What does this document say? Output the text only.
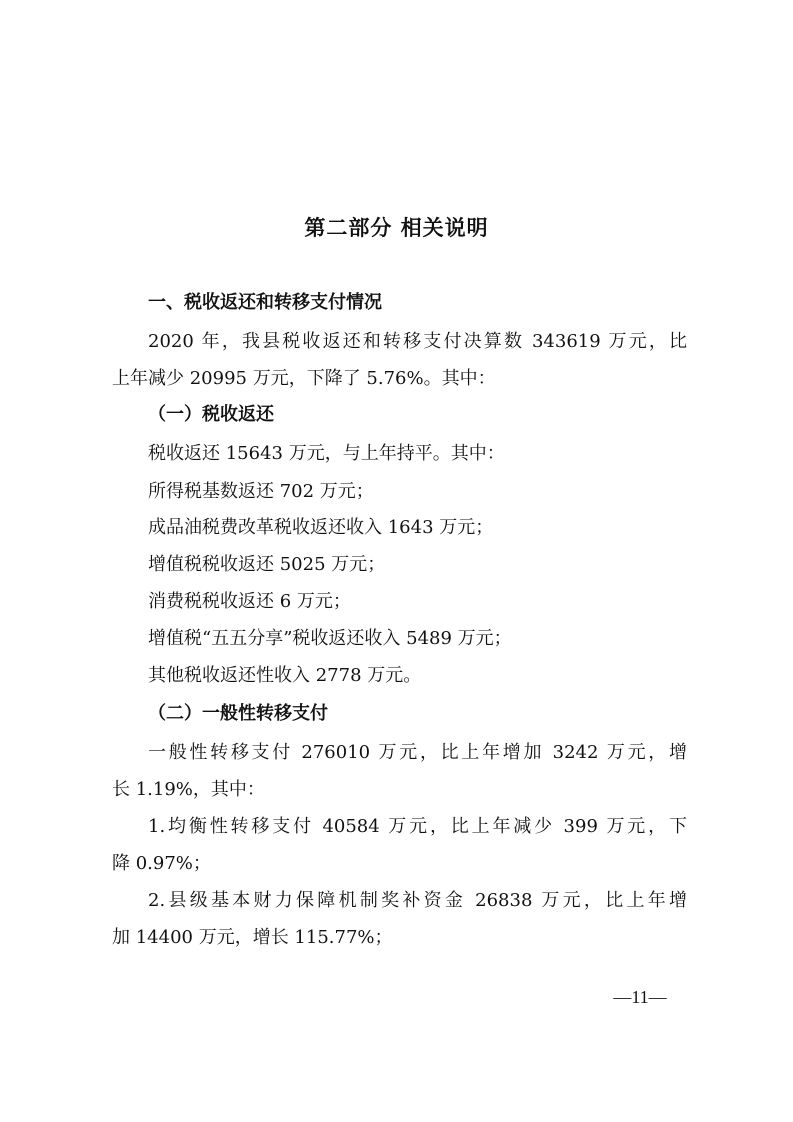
第二部分 相关说明

一、税收返还和转移支付情况

2020 年，我县税收返还和转移支付决算数 343619 万元，比

上年减少 20995 万元，下降了 5.76%。其中：

（一）税收返还

税收返还 15643 万元，与上年持平。其中：

所得税基数返还 702 万元；

成品油税费改革税收返还收入 1643 万元；

增值税税收返还 5025 万元；

消费税税收返还 6 万元；

增值税“五五分享”税收返还收入 5489 万元；

其他税收返还性收入 2778 万元。

（二）一般性转移支付

一般性转移支付 276010 万元，比上年增加 3242 万元，增

长 1.19%，其中：

1.均衡性转移支付 40584 万元，比上年减少 399 万元，下

降 0.97%；

2.县级基本财力保障机制奖补资金 26838 万元，比上年增

加 14400 万元，增长 115.77%；

—11—
